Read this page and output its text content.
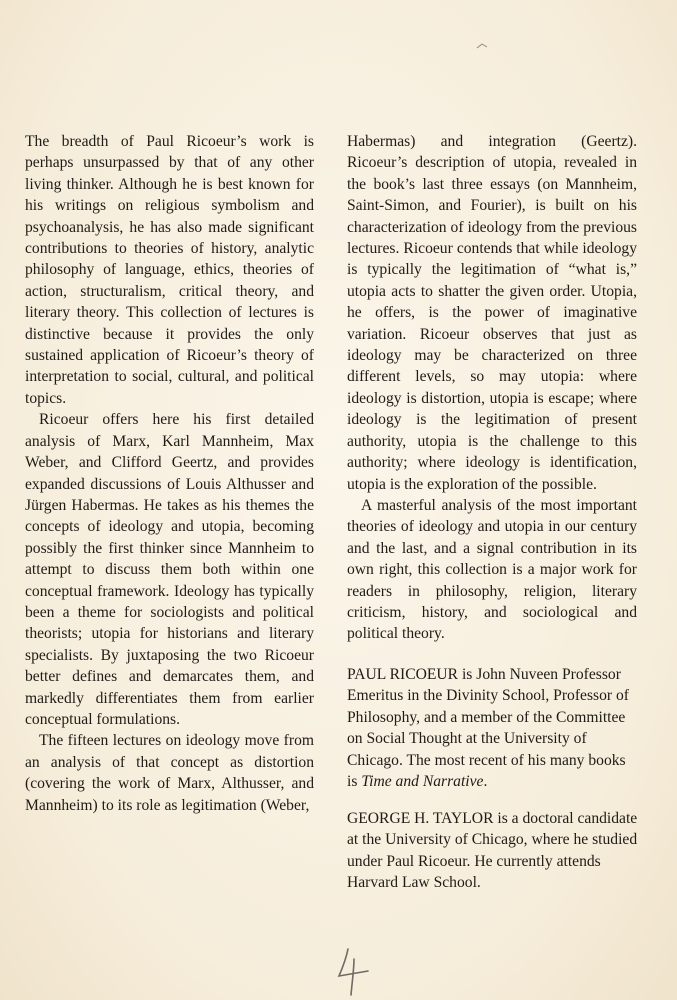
The breadth of Paul Ricoeur’s work is perhaps unsurpassed by that of any other living thinker. Although he is best known for his writings on religious symbolism and psychoanalysis, he has also made significant contributions to theories of history, analytic philosophy of language, ethics, theories of action, structuralism, critical theory, and literary theory. This collection of lectures is distinctive because it provides the only sustained application of Ricoeur’s theory of interpretation to social, cultural, and political topics.

Ricoeur offers here his first detailed analysis of Marx, Karl Mannheim, Max Weber, and Clifford Geertz, and provides expanded discussions of Louis Althusser and Jürgen Habermas. He takes as his themes the concepts of ideology and utopia, becoming possibly the first thinker since Mannheim to attempt to discuss them both within one conceptual framework. Ideology has typically been a theme for sociologists and political theorists; utopia for historians and literary specialists. By juxtaposing the two Ricoeur better defines and demarcates them, and markedly differentiates them from earlier conceptual formulations.

The fifteen lectures on ideology move from an analysis of that concept as distortion (covering the work of Marx, Althusser, and Mannheim) to its role as legitimation (Weber,

Habermas) and integration (Geertz). Ricoeur’s description of utopia, revealed in the book’s last three essays (on Mannheim, Saint-Simon, and Fourier), is built on his characterization of ideology from the previous lectures. Ricoeur contends that while ideology is typically the legitimation of “what is,” utopia acts to shatter the given order. Utopia, he offers, is the power of imaginative variation. Ricoeur observes that just as ideology may be characterized on three different levels, so may utopia: where ideology is distortion, utopia is escape; where ideology is the legitimation of present authority, utopia is the challenge to this authority; where ideology is identification, utopia is the exploration of the possible.

A masterful analysis of the most important theories of ideology and utopia in our century and the last, and a signal contribution in its own right, this collection is a major work for readers in philosophy, religion, literary criticism, history, and sociological and political theory.

PAUL RICOEUR is John Nuveen Professor Emeritus in the Divinity School, Professor of Philosophy, and a member of the Committee on Social Thought at the University of Chicago. The most recent of his many books is Time and Narrative.

GEORGE H. TAYLOR is a doctoral candidate at the University of Chicago, where he studied under Paul Ricoeur. He currently attends Harvard Law School.
